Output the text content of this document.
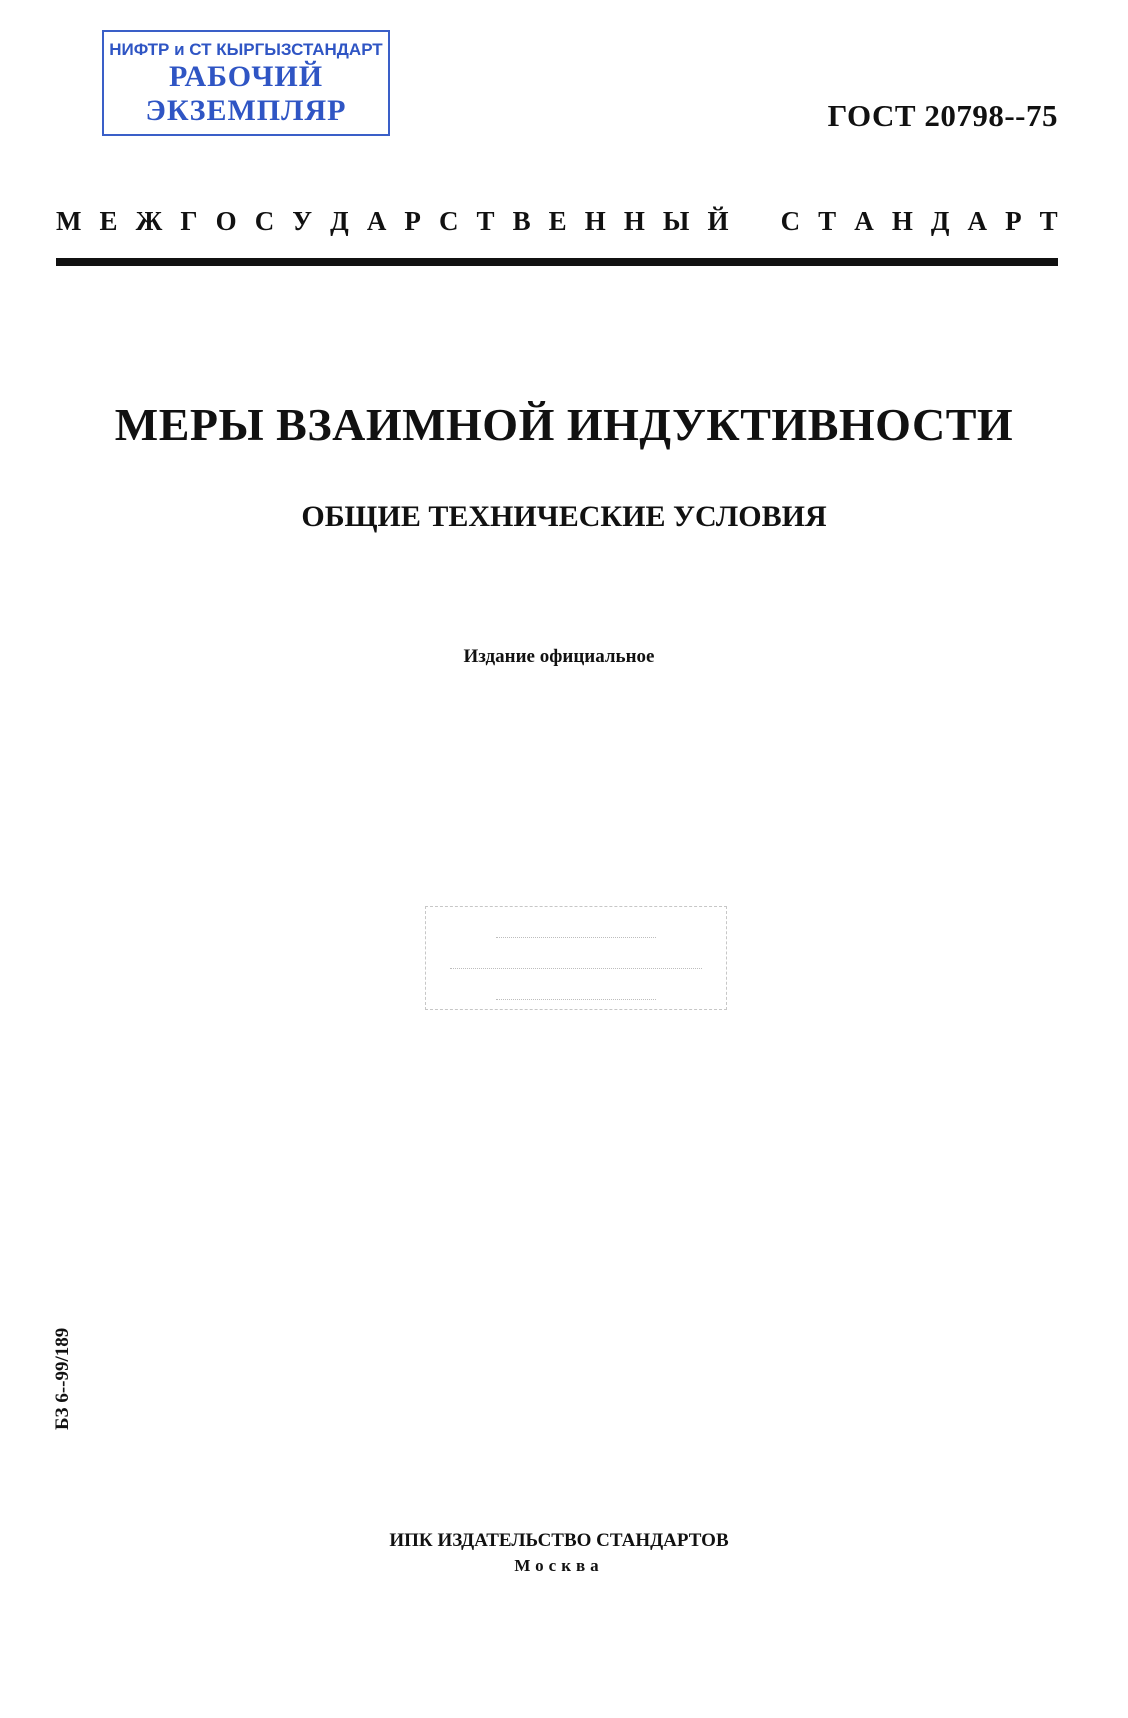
НИФТР и СТ КЫРГЫЗСТАНДАРТ
РАБОЧИЙ
ЭКЗЕМПЛЯР	ГОСТ 20798--75
М Е Ж Г О С У Д А Р С Т В Е Н Н Ы Й С Т А Н Д А Р Т
МЕРЫ ВЗАИМНОЙ ИНДУКТИВНОСТИ
ОБЩИЕ ТЕХНИЧЕСКИЕ УСЛОВИЯ
Издание официальное
БЗ 6--99/189
ИПК ИЗДАТЕЛЬСТВО СТАНДАРТОВ
Москва
